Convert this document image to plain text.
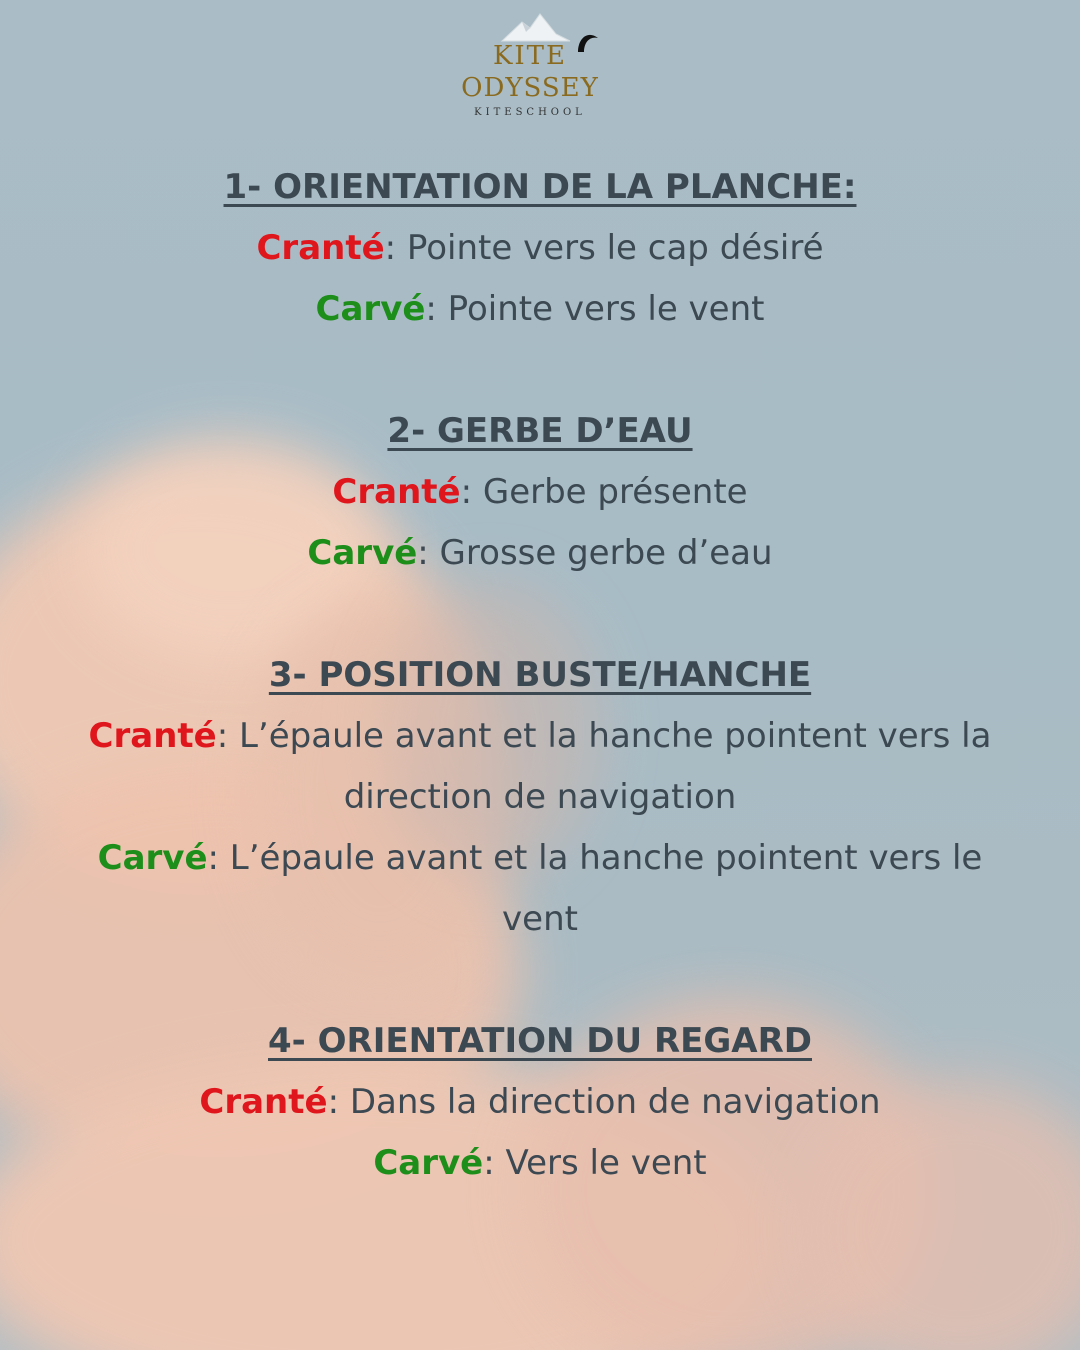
KITE
ODYSSEY
KITESCHOOL
1- ORIENTATION DE LA PLANCHE:
Cranté: Pointe vers le cap désiré
Carvé: Pointe vers le vent
2- GERBE D’EAU
Cranté: Gerbe présente
Carvé: Grosse gerbe d’eau
3- POSITION BUSTE/HANCHE
Cranté: L’épaule avant et la hanche pointent vers la direction de navigation
Carvé: L’épaule avant et la hanche pointent vers le vent
4- ORIENTATION DU REGARD
Cranté: Dans la direction de navigation
Carvé: Vers le vent
